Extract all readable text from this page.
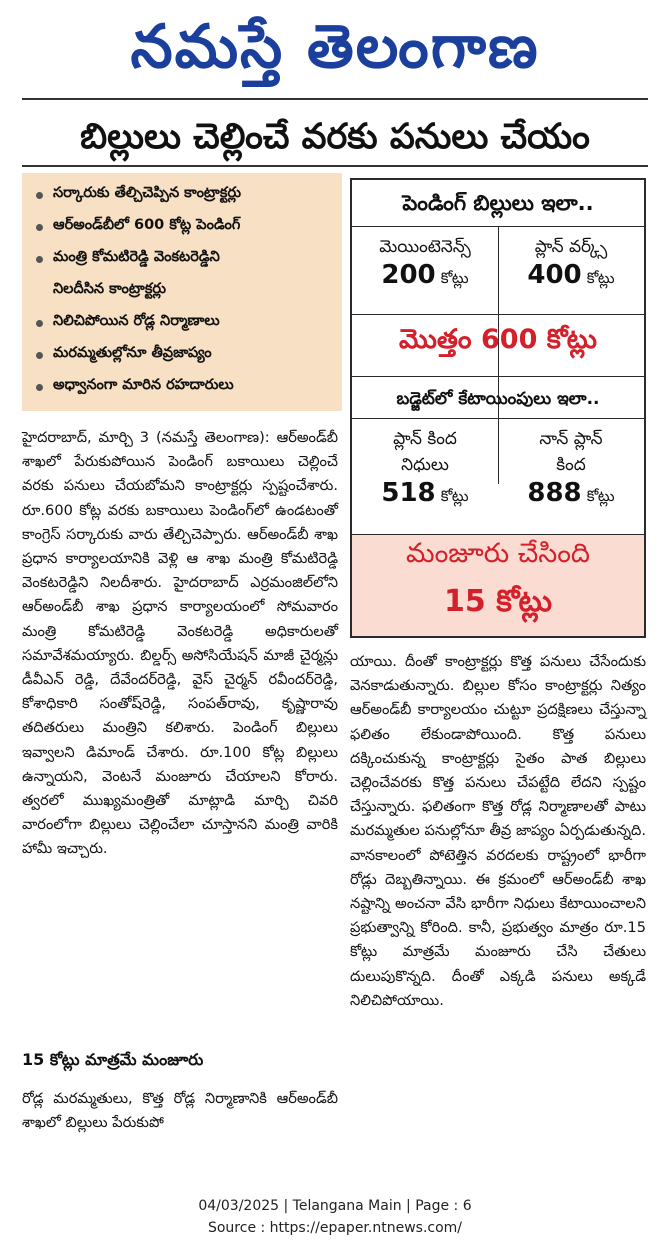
నమస్తే తెలంగాణ
బిల్లులు చెల్లించే వరకు పనులు చేయం
సర్కారుకు తేల్చిచెప్పిన కాంట్రాక్టర్లు
ఆర్‌అండ్‌బీలో 600 కోట్ల పెండింగ్
మంత్రి కోమటిరెడ్డి వెంకటరెడ్డిని
నిలదీసిన కాంట్రాక్టర్లు
నిలిచిపోయిన రోడ్ల నిర్మాణాలు
మరమ్మతుల్లోనూ తీవ్రజాప్యం
అధ్వానంగా మారిన రహదారులు
పెండింగ్ బిల్లులు ఇలా..
మెయింటెనెన్స్
200 కోట్లు
ప్లాన్ వర్క్స్
400 కోట్లు
మొత్తం 600 కోట్లు
బడ్జెట్‌లో కేటాయింపులు ఇలా..
ప్లాన్ కింద
నిధులు
518 కోట్లు
నాన్ ప్లాన్
కింద
888 కోట్లు
మంజూరు చేసింది
15 కోట్లు

హైదరాబాద్, మార్చి 3 (నమస్తే తెలంగాణ): ఆర్‌అండ్‌బీ శాఖలో పేరుకుపోయిన పెండింగ్ బకాయిలు చెల్లించే వరకు పనులు చేయబోమని కాంట్రాక్టర్లు స్పష్టంచేశారు. రూ.600 కోట్ల వరకు బకాయిలు పెండింగ్‌లో ఉండటంతో కాంగ్రెస్ సర్కారుకు వారు తేల్చిచెప్పారు. ఆర్‌అండ్‌బీ శాఖ ప్రధాన కార్యాలయానికి వెళ్లి ఆ శాఖ మంత్రి కోమటిరెడ్డి వెంకటరెడ్డిని నిలదీశారు. హైదరాబాద్ ఎర్రమంజిల్‌లోని ఆర్‌అండ్‌బీ శాఖ ప్రధాన కార్యాలయంలో సోమవారం మంత్రి కోమటిరెడ్డి వెంకటరెడ్డి అధికారులతో సమావేశమయ్యారు. బిల్డర్స్ అసోసియేషన్ మాజీ చైర్మన్లు డీవీఎన్ రెడ్డి, దేవేందర్‌రెడ్డి, వైస్ చైర్మన్ రవీందర్‌రెడ్డి, కోశాధికారి సంతోష్‌రెడ్డి, సంపత్‌రావు, కృష్ణారావు తదితరులు మంత్రిని కలిశారు. పెండింగ్ బిల్లులు ఇవ్వాలని డిమాండ్ చేశారు. రూ.100 కోట్ల బిల్లులు ఉన్నాయని, వెంటనే మంజూరు చేయాలని కోరారు. త్వరలో ముఖ్యమంత్రితో మాట్లాడి మార్చి చివరి వారంలోగా బిల్లులు చెల్లించేలా చూస్తానని మంత్రి వారికి హామీ ఇచ్చారు.

15 కోట్లు మాత్రమే మంజూరు

రోడ్ల మరమ్మతులు, కొత్త రోడ్ల నిర్మాణానికి ఆర్‌అండ్‌బీ శాఖలో బిల్లులు పేరుకుపో

యాయి. దీంతో కాంట్రాక్టర్లు కొత్త పనులు చేసేందుకు వెనకాడుతున్నారు. బిల్లుల కోసం కాంట్రాక్టర్లు నిత్యం ఆర్‌అండ్‌బీ కార్యాలయం చుట్టూ ప్రదక్షిణలు చేస్తున్నా ఫలితం లేకుండాపోయింది. కొత్త పనులు దక్కించుకున్న కాంట్రాక్టర్లు సైతం పాత బిల్లులు చెల్లించేవరకు కొత్త పనులు చేపట్టేది లేదని స్పష్టం చేస్తున్నారు. ఫలితంగా కొత్త రోడ్ల నిర్మాణాలతో పాటు మరమ్మతుల పనుల్లోనూ తీవ్ర జాప్యం ఏర్పడుతున్నది. వానకాలంలో పోటెత్తిన వరదలకు రాష్ట్రంలో భారీగా రోడ్లు దెబ్బతిన్నాయి. ఈ క్రమంలో ఆర్‌అండ్‌బీ శాఖ నష్టాన్ని అంచనా వేసి భారీగా నిధులు కేటాయించాలని ప్రభుత్వాన్ని కోరింది. కానీ, ప్రభుత్వం మాత్రం రూ.15 కోట్లు మాత్రమే మంజూరు చేసి చేతులు దులుపుకొన్నది. దీంతో ఎక్కడి పనులు అక్కడే నిలిచిపోయాయి.

04/03/2025 | Telangana Main | Page : 6
Source : https://epaper.ntnews.com/
